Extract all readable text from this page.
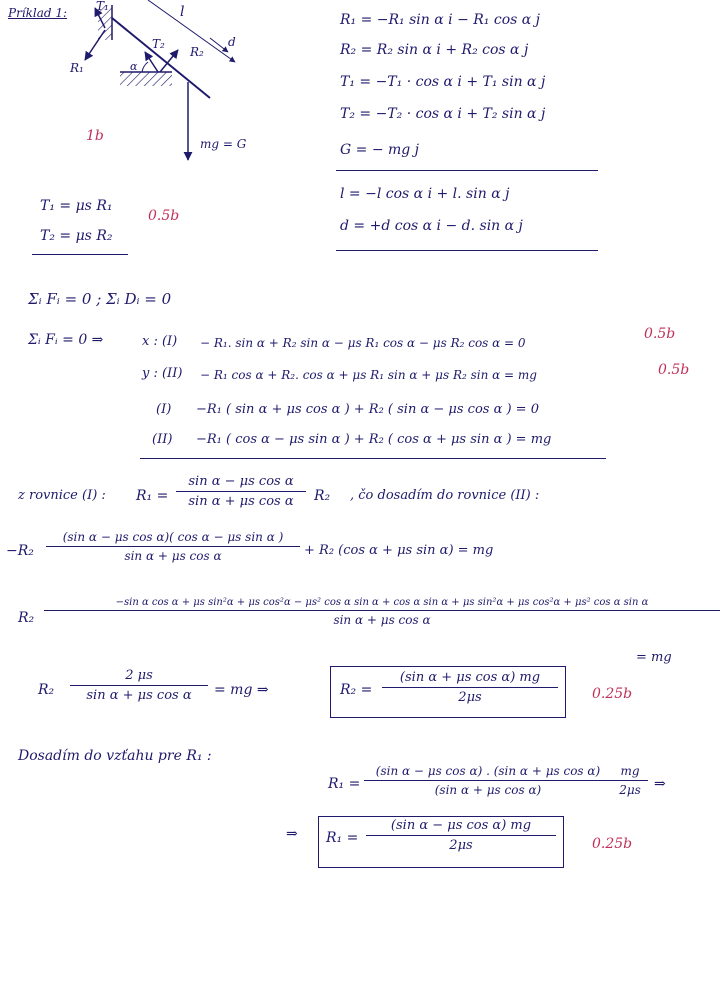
Príklad 1: T₁
R₁
l
d
R₂
T₂
α
mg = G
1b
R₁ = −R₁ sin α i − R₁ cos α j
R₂ = R₂ sin α i + R₂ cos α j
T₁ = −T₁ · cos α i + T₁ sin α j
T₂ = −T₂ · cos α i + T₂ sin α j
G = − mg j
l = −l cos α i + l. sin α j
d = +d cos α i − d. sin α j
T₁ = μs R₁
T₂ = μs R₂
0.5b
Σᵢ Fᵢ = 0 ; Σᵢ Dᵢ = 0
Σᵢ Fᵢ = 0 ⇒	x : (I) − R₁. sin α + R₂ sin α − μs R₁ cos α − μs R₂ cos α = 0
0.5b
y : (II) − R₁ cos α + R₂. cos α + μs R₁ sin α + μs R₂ sin α = mg	0.5b
(I) −R₁ ( sin α + μs cos α ) + R₂ ( sin α − μs cos α ) = 0
(II) −R₁ ( cos α − μs sin α ) + R₂ ( cos α + μs sin α ) = mg
z rovnice (I) : R₁ =
sin α − μs cos α
sin α + μs cos α	R₂ , čo dosadím do rovnice (II) :
−R₂
(sin α − μs cos α)( cos α − μs sin α )
sin α + μs cos α	+ R₂ (cos α + μs sin α) = mg
R₂
−sin α cos α + μs sin²α + μs cos²α − μs² cos α sin α + cos α sin α + μs sin²α + μs cos²α + μs² cos α sin α
sin α + μs cos α
= mg
R₂
2 μs
sin α + μs cos α	= mg ⇒	R₂ =
(sin α + μs cos α) mg
2μs	0.25b
Dosadím do vzťahu pre R₁ :
R₁ =
(sin α − μs cos α) . (sin α + μs cos α)
(sin α + μs cos α)
mg
2μs ⇒
⇒ R₁ =
(sin α − μs cos α) mg
2μs	0.25b
